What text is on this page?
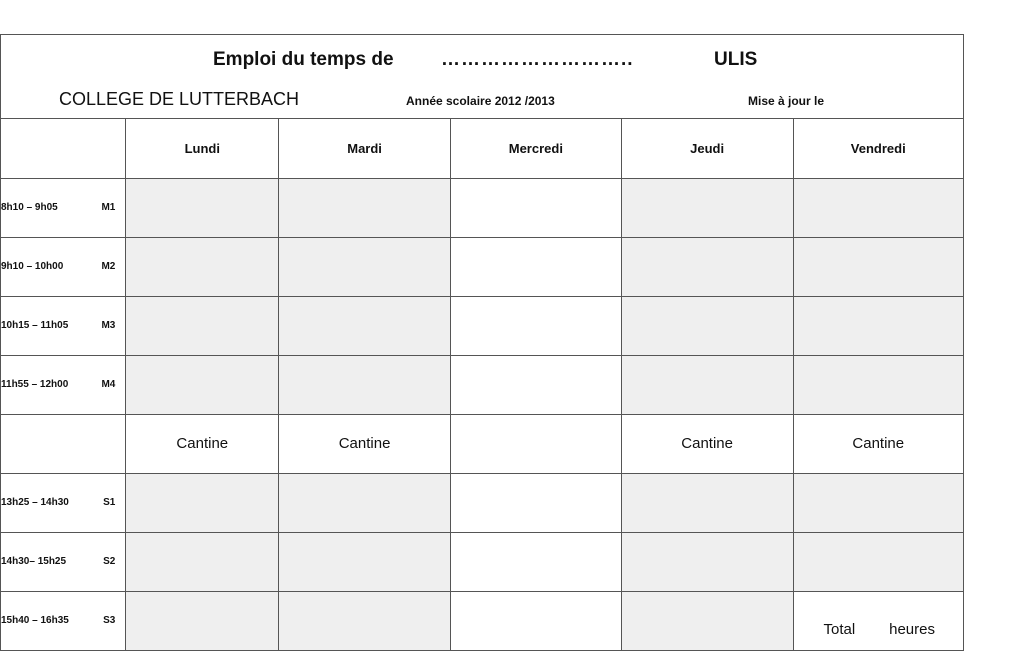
Emploi du temps de ………………………..	ULIS
COLLEGE DE LUTTERBACH	Année scolaire 2012 /2013	Mise à jour le
	Lundi	Mardi	Mercredi	Jeudi	Vendredi

8h10 – 9h05 M1					

9h10 – 10h00 M2					

10h15 – 11h05 M3					

11h55 – 12h00 M4					

	Cantine	Cantine		Cantine	Cantine

13h25 – 14h30 S1					

14h30– 15h25 S2					

15h40 – 16h35 S3					Total heures
